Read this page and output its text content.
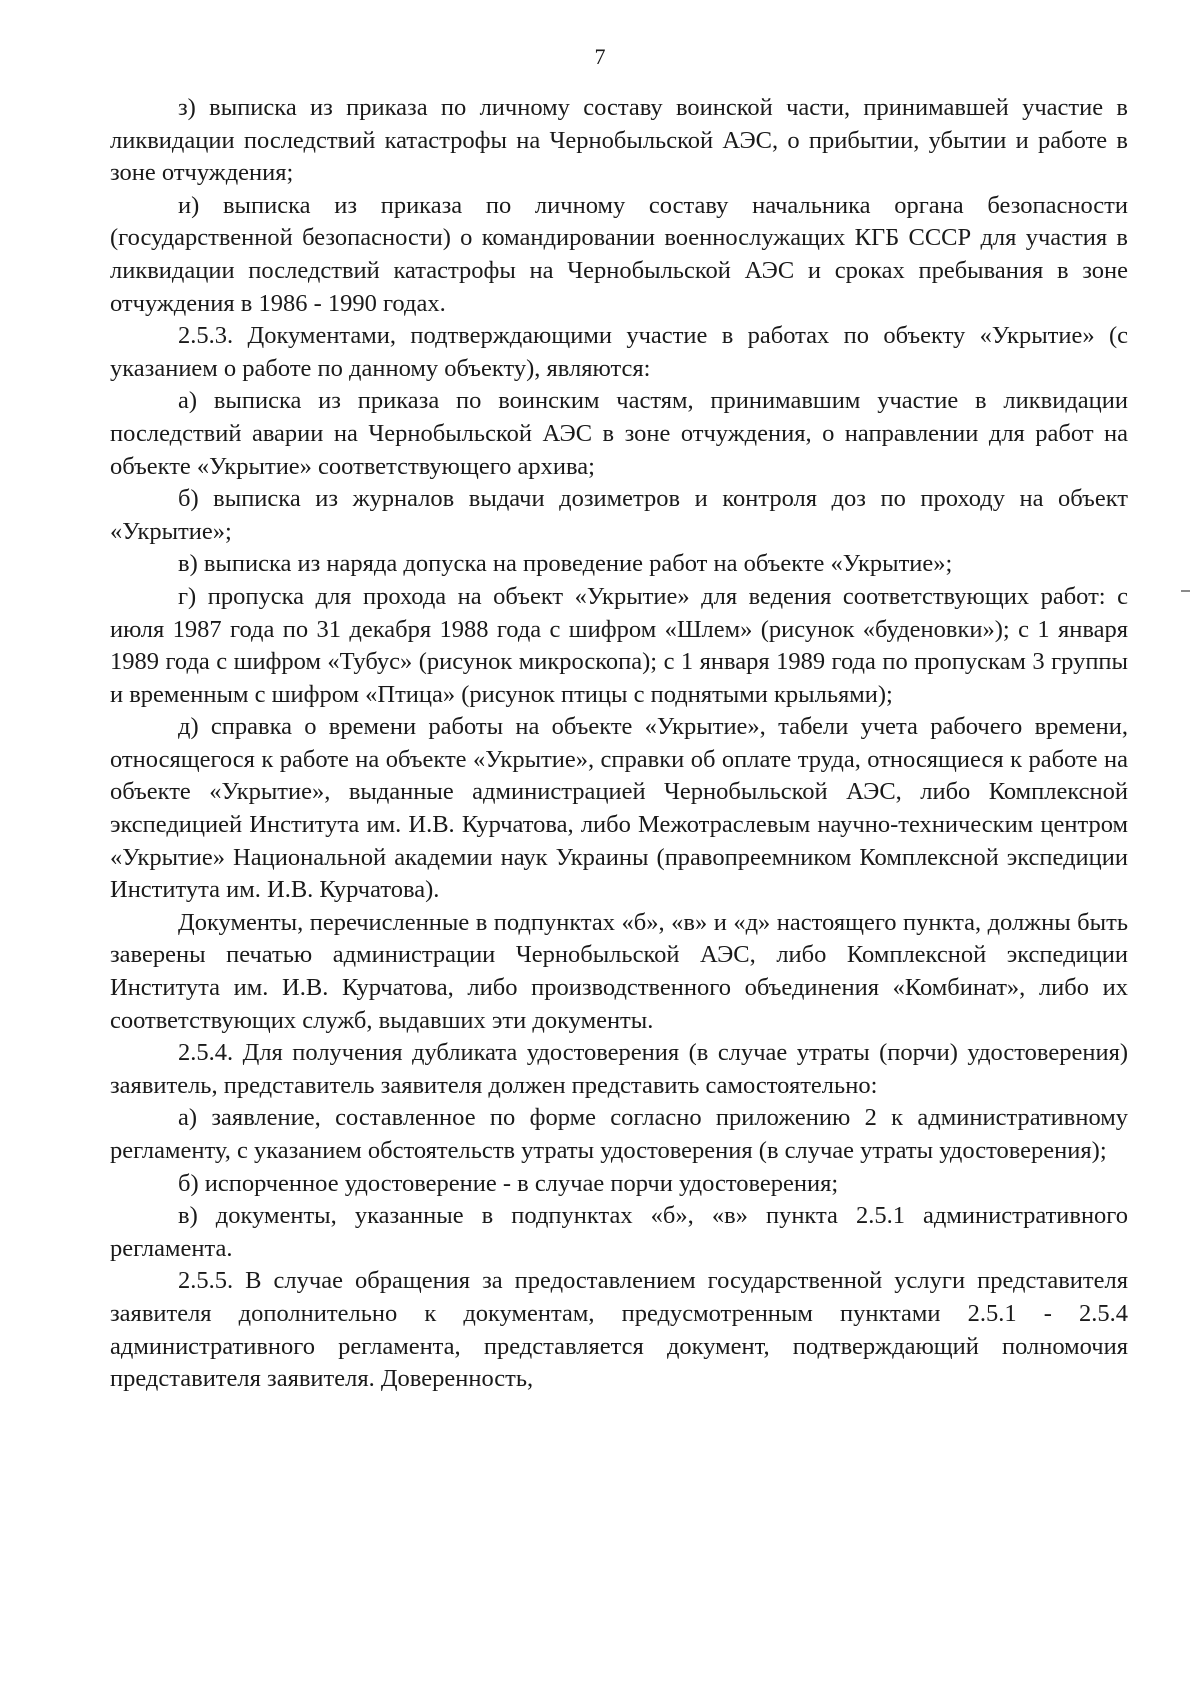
7

з) выписка из приказа по личному составу воинской части, принимавшей участие в ликвидации последствий катастрофы на Чернобыльской АЭС, о прибытии, убытии и работе в зоне отчуждения;

и) выписка из приказа по личному составу начальника органа безопасности (государственной безопасности) о командировании военнослужащих КГБ СССР для участия в ликвидации последствий катастрофы на Чернобыльской АЭС и сроках пребывания в зоне отчуждения в 1986 - 1990 годах.

2.5.3. Документами, подтверждающими участие в работах по объекту «Укрытие» (с указанием о работе по данному объекту), являются:

а) выписка из приказа по воинским частям, принимавшим участие в ликвидации последствий аварии на Чернобыльской АЭС в зоне отчуждения, о направлении для работ на объекте «Укрытие» соответствующего архива;

б) выписка из журналов выдачи дозиметров и контроля доз по проходу на объект «Укрытие»;

в) выписка из наряда допуска на проведение работ на объекте «Укрытие»;

г) пропуска для прохода на объект «Укрытие» для ведения соответствующих работ: с июля 1987 года по 31 декабря 1988 года с шифром «Шлем» (рисунок «буденовки»); с 1 января 1989 года с шифром «Тубус» (рисунок микроскопа); с 1 января 1989 года по пропускам 3 группы и временным с шифром «Птица» (рисунок птицы с поднятыми крыльями);

д) справка о времени работы на объекте «Укрытие», табели учета рабочего времени, относящегося к работе на объекте «Укрытие», справки об оплате труда, относящиеся к работе на объекте «Укрытие», выданные администрацией Чернобыльской АЭС, либо Комплексной экспедицией Института им. И.В. Курчатова, либо Межотраслевым научно-техническим центром «Укрытие» Национальной академии наук Украины (правопреемником Комплексной экспедиции Института им. И.В. Курчатова).

Документы, перечисленные в подпунктах «б», «в» и «д» настоящего пункта, должны быть заверены печатью администрации Чернобыльской АЭС, либо Комплексной экспедиции Института им. И.В. Курчатова, либо производственного объединения «Комбинат», либо их соответствующих служб, выдавших эти документы.

2.5.4. Для получения дубликата удостоверения (в случае утраты (порчи) удостоверения) заявитель, представитель заявителя должен представить самостоятельно:

а) заявление, составленное по форме согласно приложению 2 к административному регламенту, с указанием обстоятельств утраты удостоверения (в случае утраты удостоверения);

б) испорченное удостоверение - в случае порчи удостоверения;

в) документы, указанные в подпунктах «б», «в» пункта 2.5.1 административного регламента.

2.5.5. В случае обращения за предоставлением государственной услуги представителя заявителя дополнительно к документам, предусмотренным пунктами 2.5.1 - 2.5.4 административного регламента, представляется документ, подтверждающий полномочия представителя заявителя. Доверенность,
